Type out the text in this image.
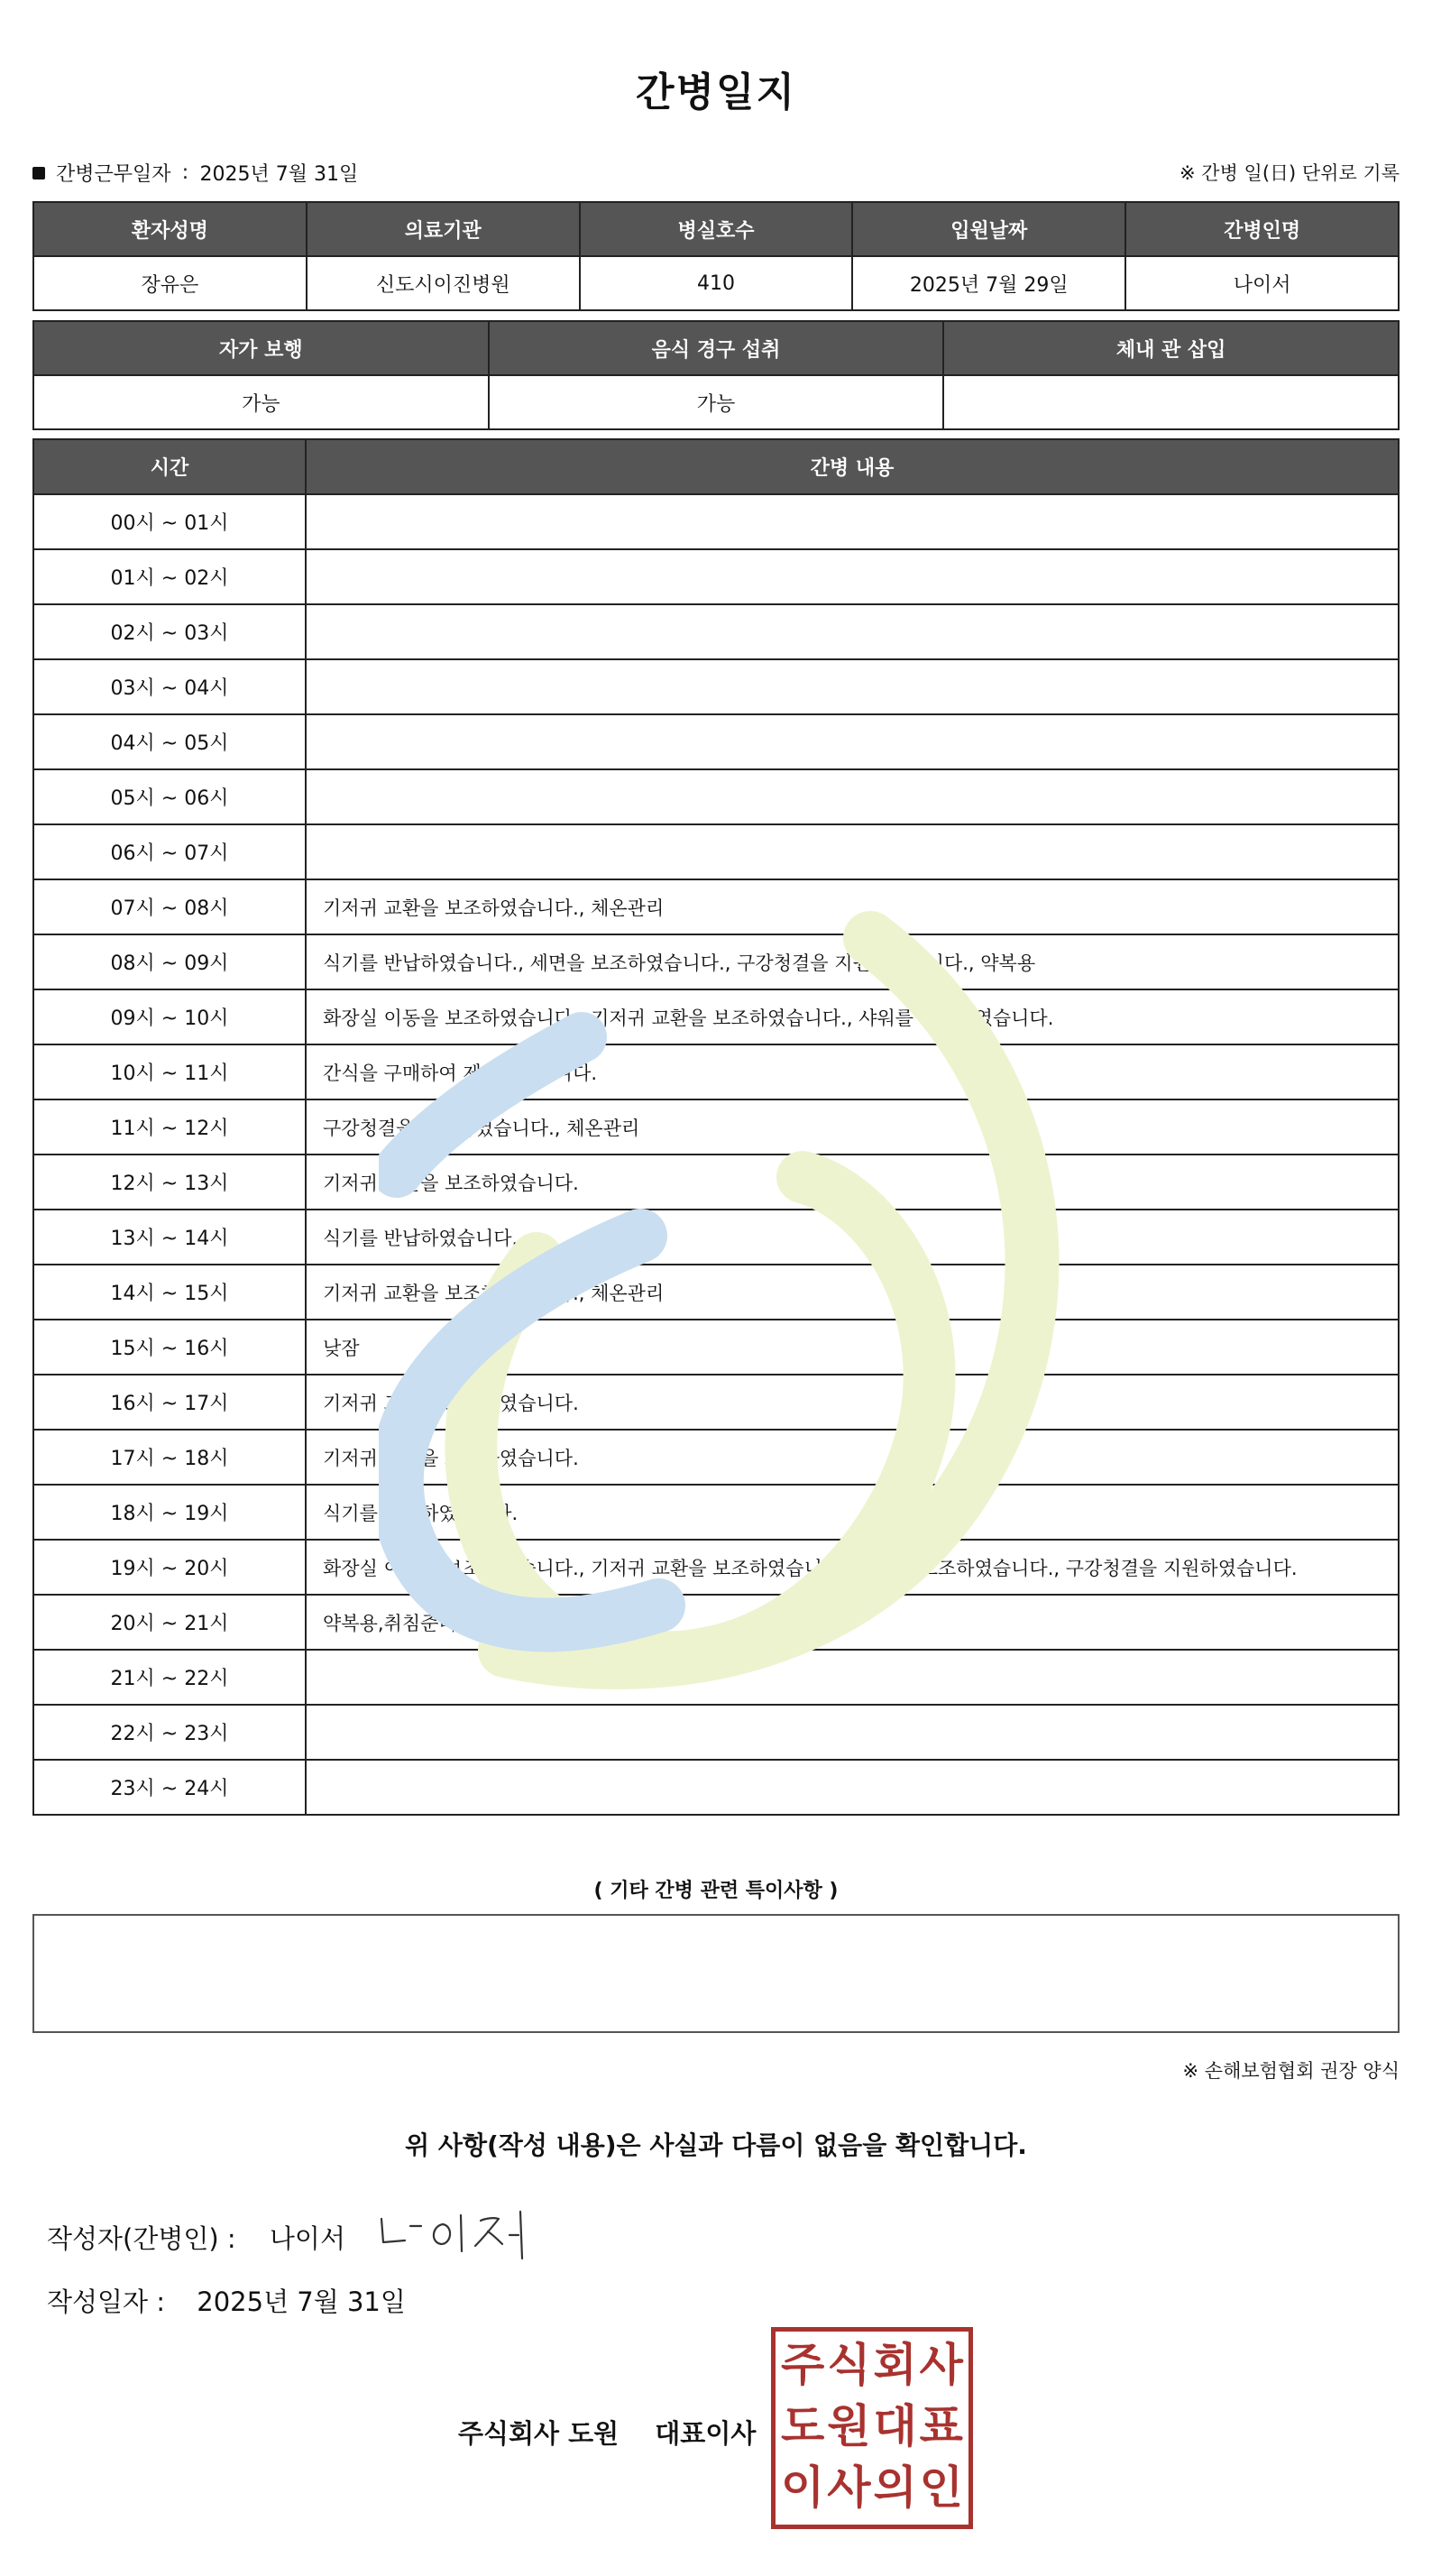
간병일지
간병근무일자 : 2025년 7월 31일	※ 간병 일(日) 단위로 기록
환자성명	의료기관	병실호수	입원날짜	간병인명
장유은	신도시이진병원	410	2025년 7월 29일	나이서
자가 보행	음식 경구 섭취	체내 관 삽입
가능	가능	
시간	간병 내용
00시 ~ 01시	
01시 ~ 02시	
02시 ~ 03시	
03시 ~ 04시	
04시 ~ 05시	
05시 ~ 06시	
06시 ~ 07시	
07시 ~ 08시	기저귀 교환을 보조하였습니다., 체온관리
08시 ~ 09시	식기를 반납하였습니다., 세면을 보조하였습니다., 구강청결을 지원하였습니다., 약복용
09시 ~ 10시	화장실 이동을 보조하였습니다., 기저귀 교환을 보조하였습니다., 샤워를 지원하였습니다.
10시 ~ 11시	간식을 구매하여 제공하였습니다.
11시 ~ 12시	구강청결을 지원하였습니다., 체온관리
12시 ~ 13시	기저귀 교환을 보조하였습니다.
13시 ~ 14시	식기를 반납하였습니다.
14시 ~ 15시	기저귀 교환을 보조하였습니다., 체온관리
15시 ~ 16시	낮잠
16시 ~ 17시	기저귀 교환을 보조하였습니다.
17시 ~ 18시	기저귀 교환을 보조하였습니다.
18시 ~ 19시	식기를 반납하였습니다.
19시 ~ 20시	화장실 이동을 보조하였습니다., 기저귀 교환을 보조하였습니다., 세면을 보조하였습니다., 구강청결을 지원하였습니다.
20시 ~ 21시	약복용,취침준비
21시 ~ 22시	
22시 ~ 23시	
23시 ~ 24시	
( 기타 간병 관련 특이사항 )
※ 손해보험협회 권장 양식
위 사항(작성 내용)은 사실과 다름이 없음을 확인합니다.
작성자(간병인) : 나이서
작성일자 : 2025년 7월 31일
주식회사 도원 대표이사
주 식 회 사
도 원 대 표
이 사 의 인
